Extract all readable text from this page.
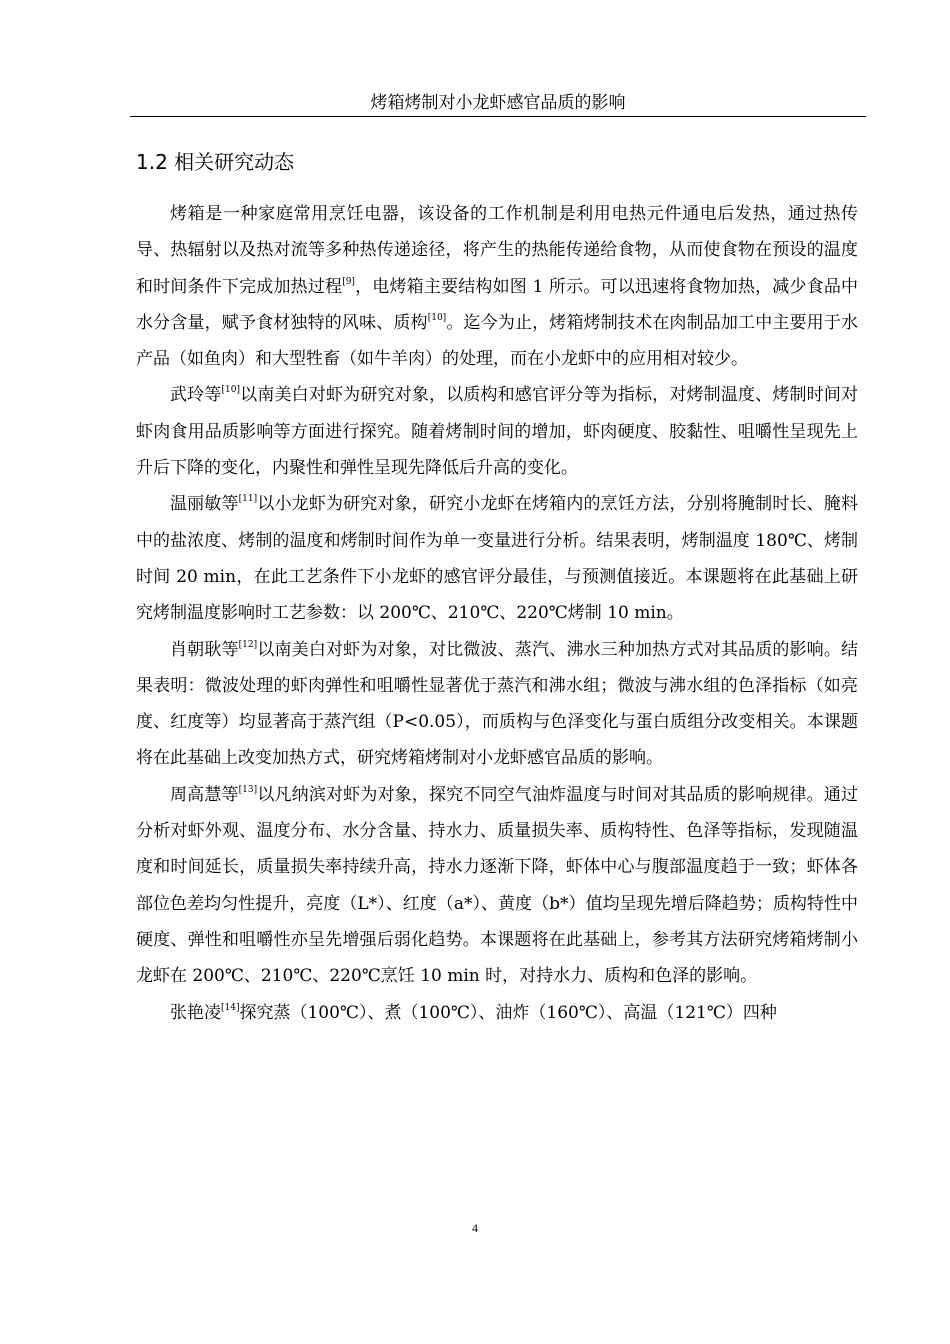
烤箱烤制对小龙虾感官品质的影响
1.2 相关研究动态

烤箱是一种家庭常用烹饪电器，该设备的工作机制是利用电热元件通电后发热，通过热传导、热辐射以及热对流等多种热传递途径，将产生的热能传递给食物，从而使食物在预设的温度和时间条件下完成加热过程[9]，电烤箱主要结构如图 1 所示。可以迅速将食物加热，减少食品中水分含量，赋予食材独特的风味、质构[10]。迄今为止，烤箱烤制技术在肉制品加工中主要用于水产品（如鱼肉）和大型牲畜（如牛羊肉）的处理，而在小龙虾中的应用相对较少。

武玲等[10]以南美白对虾为研究对象，以质构和感官评分等为指标，对烤制温度、烤制时间对虾肉食用品质影响等方面进行探究。随着烤制时间的增加，虾肉硬度、胶黏性、咀嚼性呈现先上升后下降的变化，内聚性和弹性呈现先降低后升高的变化。

温丽敏等[11]以小龙虾为研究对象，研究小龙虾在烤箱内的烹饪方法，分别将腌制时长、腌料中的盐浓度、烤制的温度和烤制时间作为单一变量进行分析。结果表明，烤制温度 180℃、烤制时间 20 min，在此工艺条件下小龙虾的感官评分最佳，与预测值接近。本课题将在此基础上研究烤制温度影响时工艺参数：以 200℃、210℃、220℃烤制 10 min。

肖朝耿等[12]以南美白对虾为对象，对比微波、蒸汽、沸水三种加热方式对其品质的影响。结果表明：微波处理的虾肉弹性和咀嚼性显著优于蒸汽和沸水组；微波与沸水组的色泽指标（如亮度、红度等）均显著高于蒸汽组（P<0.05），而质构与色泽变化与蛋白质组分改变相关。本课题将在此基础上改变加热方式，研究烤箱烤制对小龙虾感官品质的影响。

周高慧等[13]以凡纳滨对虾为对象，探究不同空气油炸温度与时间对其品质的影响规律。通过分析对虾外观、温度分布、水分含量、持水力、质量损失率、质构特性、色泽等指标，发现随温度和时间延长，质量损失率持续升高，持水力逐渐下降，虾体中心与腹部温度趋于一致；虾体各部位色差均匀性提升，亮度（L*）、红度（a*）、黄度（b*）值均呈现先增后降趋势；质构特性中硬度、弹性和咀嚼性亦呈先增强后弱化趋势。本课题将在此基础上，参考其方法研究烤箱烤制小龙虾在 200℃、210℃、220℃烹饪 10 min 时，对持水力、质构和色泽的影响。

张艳凌[14]探究蒸（100℃）、煮（100℃）、油炸（160℃）、高温（121℃）四种

4
